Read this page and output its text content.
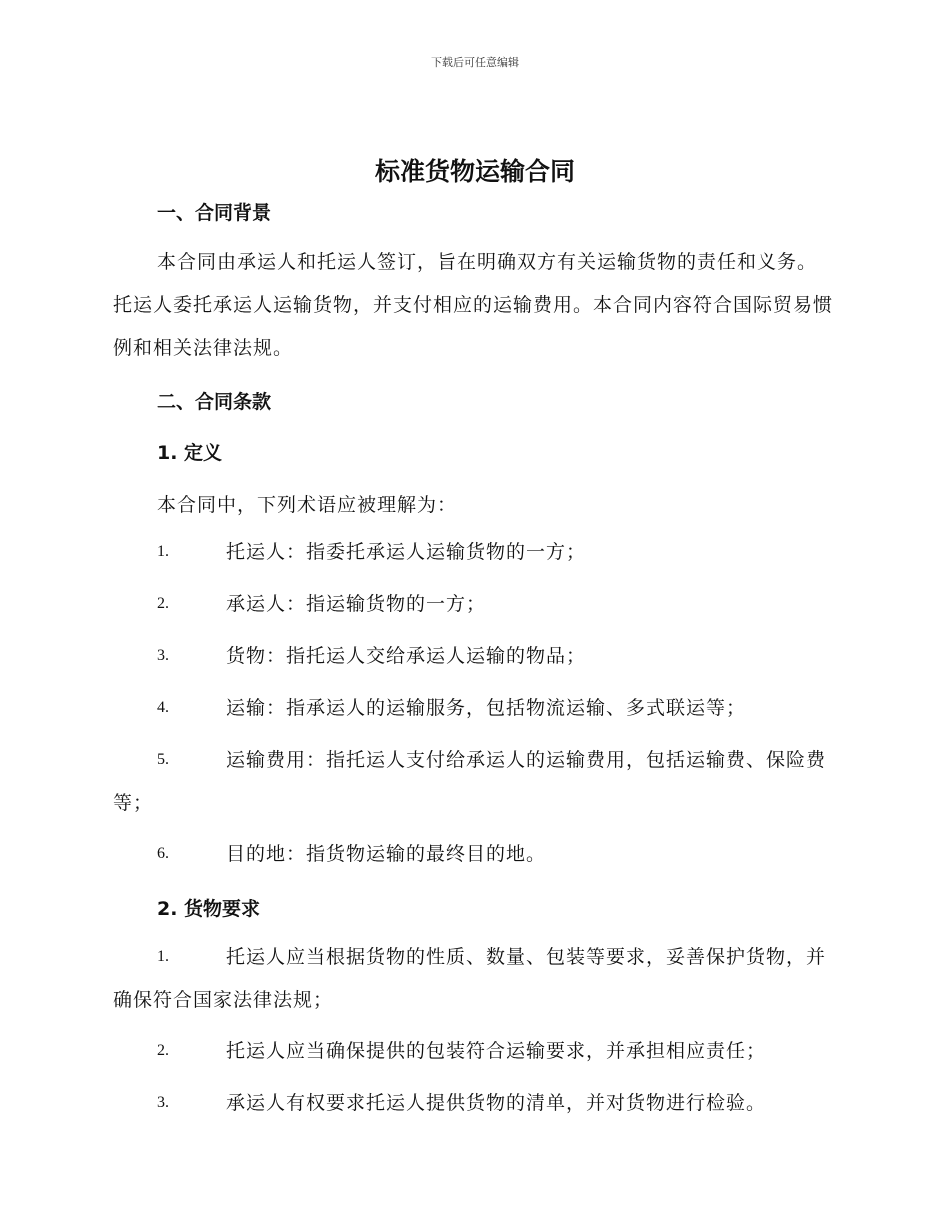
下载后可任意编辑
标准货物运输合同
一、合同背景

本合同由承运人和托运人签订，旨在明确双方有关运输货物的责任和义务。托运人委托承运人运输货物，并支付相应的运输费用。本合同内容符合国际贸易惯例和相关法律法规。

二、合同条款
1. 定义

本合同中，下列术语应被理解为：

1.	托运人：指委托承运人运输货物的一方；
2.	承运人：指运输货物的一方；
3.	货物：指托运人交给承运人运输的物品；
4.	运输：指承运人的运输服务，包括物流运输、多式联运等；
5.	运输费用：指托运人支付给承运人的运输费用，包括运输费、保险费等；
6.	目的地：指货物运输的最终目的地。
2. 货物要求
1.	托运人应当根据货物的性质、数量、包装等要求，妥善保护货物，并确保符合国家法律法规；
2.	托运人应当确保提供的包装符合运输要求，并承担相应责任；
3.	承运人有权要求托运人提供货物的清单，并对货物进行检验。
